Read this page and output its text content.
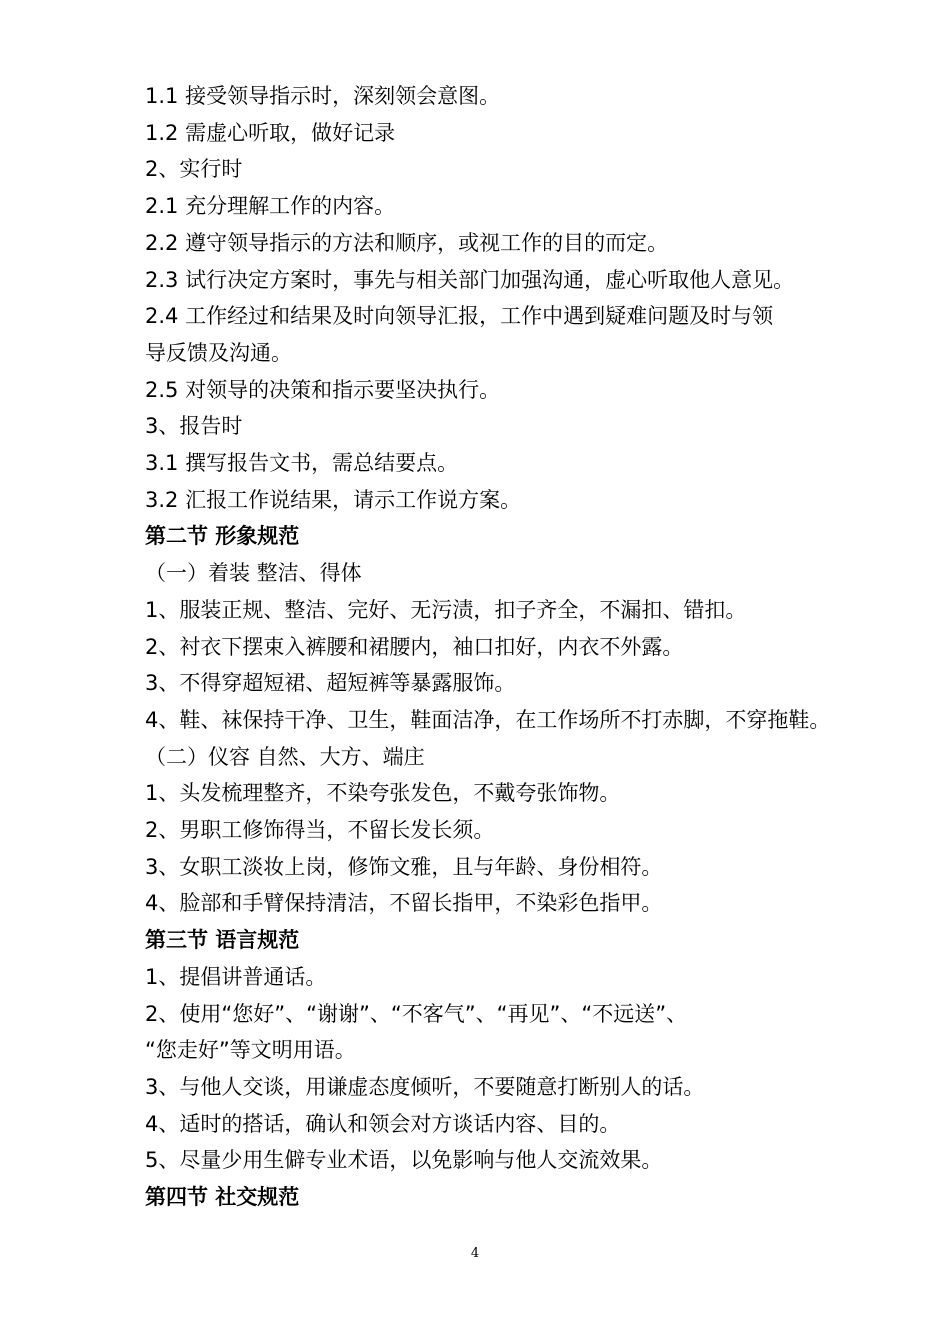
1.1 接受领导指示时，深刻领会意图。
1.2 需虚心听取，做好记录
2、实行时
2.1 充分理解工作的内容。
2.2 遵守领导指示的方法和顺序，或视工作的目的而定。
2.3 试行决定方案时，事先与相关部门加强沟通，虚心听取他人意见。
2.4 工作经过和结果及时向领导汇报，工作中遇到疑难问题及时与领
导反馈及沟通。
2.5 对领导的决策和指示要坚决执行。
3、报告时
3.1 撰写报告文书，需总结要点。
3.2 汇报工作说结果，请示工作说方案。
第二节 形象规范
（一）着装 整洁、得体
1、服装正规、整洁、完好、无污渍，扣子齐全，不漏扣、错扣。
2、衬衣下摆束入裤腰和裙腰内，袖口扣好，内衣不外露。
3、不得穿超短裙、超短裤等暴露服饰。
4、鞋、袜保持干净、卫生，鞋面洁净，在工作场所不打赤脚，不穿拖鞋。
（二）仪容 自然、大方、端庄
1、头发梳理整齐，不染夸张发色，不戴夸张饰物。
2、男职工修饰得当，不留长发长须。
3、女职工淡妆上岗，修饰文雅，且与年龄、身份相符。
4、脸部和手臂保持清洁，不留长指甲，不染彩色指甲。
第三节 语言规范
1、提倡讲普通话。
2、使用“您好”、“谢谢”、“不客气”、“再见”、“不远送”、
“您走好”等文明用语。
3、与他人交谈，用谦虚态度倾听，不要随意打断别人的话。
4、适时的搭话，确认和领会对方谈话内容、目的。
5、尽量少用生僻专业术语，以免影响与他人交流效果。
第四节 社交规范
4
